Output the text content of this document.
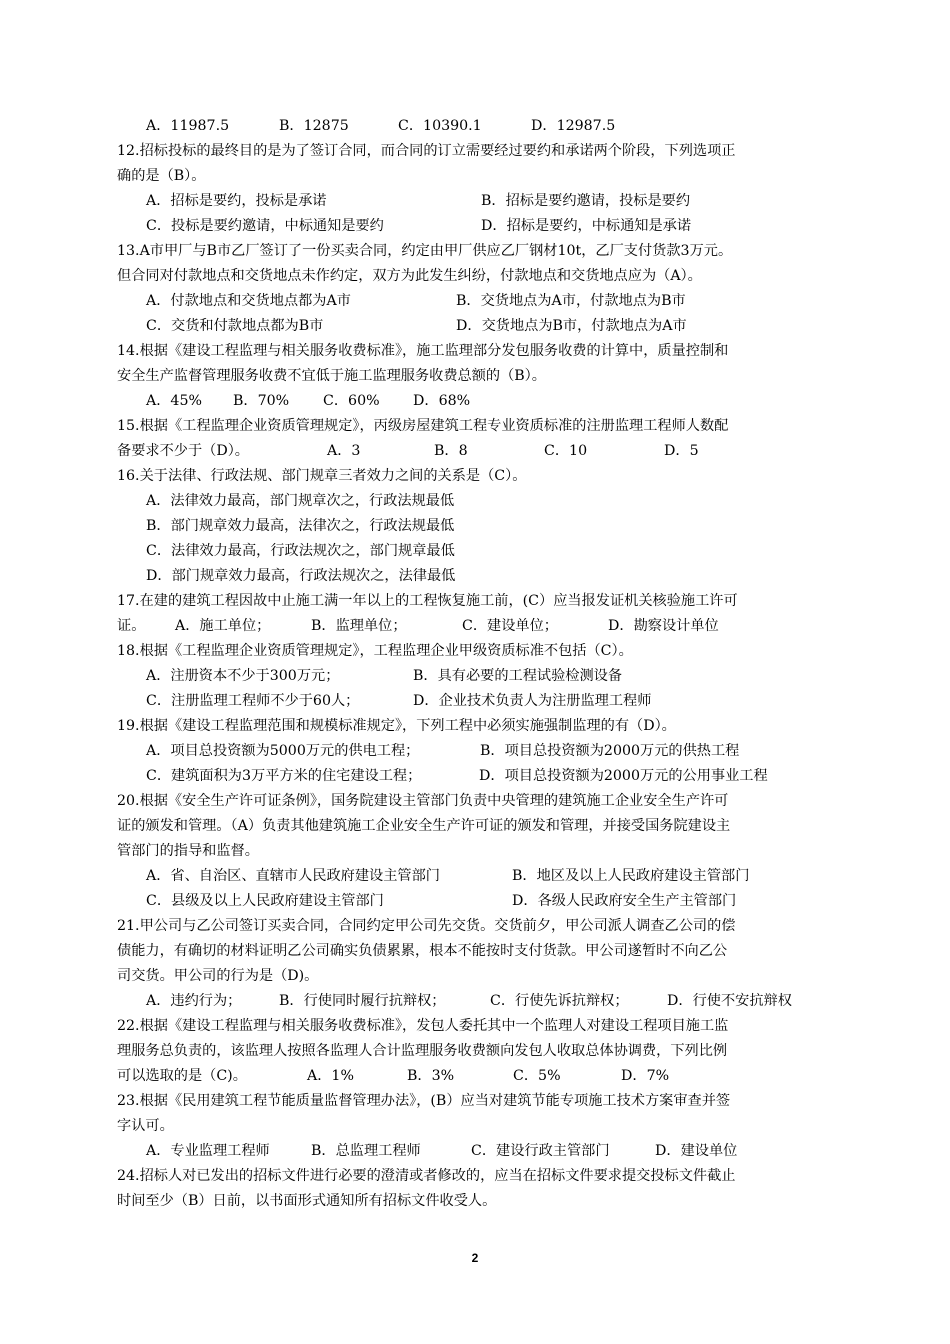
A．11987.5	B．12875	C．10390.1	D．12987.5
12.招标投标的最终目的是为了签订合同，而合同的订立需要经过要约和承诺两个阶段，下列选项正
确的是（B）。
A．招标是要约，投标是承诺	B．招标是要约邀请，投标是要约
C．投标是要约邀请，中标通知是要约	D．招标是要约，中标通知是承诺
13.A市甲厂与B市乙厂签订了一份买卖合同，约定由甲厂供应乙厂钢材10t，乙厂支付货款3万元。
但合同对付款地点和交货地点未作约定，双方为此发生纠纷，付款地点和交货地点应为（A）。
A．付款地点和交货地点都为A市	B．交货地点为A市，付款地点为B市
C．交货和付款地点都为B市	D．交货地点为B市，付款地点为A市
14.根据《建设工程监理与相关服务收费标准》，施工监理部分发包服务收费的计算中，质量控制和
安全生产监督管理服务收费不宜低于施工监理服务收费总额的（B）。
A．45% B．70% C．60% D．68%
15.根据《工程监理企业资质管理规定》，丙级房屋建筑工程专业资质标准的注册监理工程师人数配
备要求不少于（D）。	A．3	B．8	C．10	D．5
16.关于法律、行政法规、部门规章三者效力之间的关系是（C）。
A．法律效力最高，部门规章次之，行政法规最低
B．部门规章效力最高，法律次之，行政法规最低
C．法律效力最高，行政法规次之，部门规章最低
D．部门规章效力最高，行政法规次之，法律最低
17.在建的建筑工程因故中止施工满一年以上的工程恢复施工前，(C）应当报发证机关核验施工许可
证。 A．施工单位；	B．监理单位；	C．建设单位；	D．勘察设计单位
18.根据《工程监理企业资质管理规定》，工程监理企业甲级资质标准不包括（C）。
A．注册资本不少于300万元；	B．具有必要的工程试验检测设备
C．注册监理工程师不少于60人；	D．企业技术负责人为注册监理工程师
19.根据《建设工程监理范围和规模标准规定》，下列工程中必须实施强制监理的有（D）。
A．项目总投资额为5000万元的供电工程；	B．项目总投资额为2000万元的供热工程
C．建筑面积为3万平方米的住宅建设工程；	D．项目总投资额为2000万元的公用事业工程
20.根据《安全生产许可证条例》，国务院建设主管部门负责中央管理的建筑施工企业安全生产许可
证的颁发和管理。（A）负责其他建筑施工企业安全生产许可证的颁发和管理，并接受国务院建设主
管部门的指导和监督。
A．省、自治区、直辖市人民政府建设主管部门	B．地区及以上人民政府建设主管部门
C．县级及以上人民政府建设主管部门	D．各级人民政府安全生产主管部门
21.甲公司与乙公司签订买卖合同，合同约定甲公司先交货。交货前夕，甲公司派人调查乙公司的偿
债能力，有确切的材料证明乙公司确实负债累累，根本不能按时支付货款。甲公司遂暂时不向乙公
司交货。甲公司的行为是（D)。
A．违约行为；	B．行使同时履行抗辩权；	C．行使先诉抗辩权；	D．行使不安抗辩权
22.根据《建设工程监理与相关服务收费标准》，发包人委托其中一个监理人对建设工程项目施工监
理服务总负责的，该监理人按照各监理人合计监理服务收费额向发包人收取总体协调费，下列比例
可以选取的是（C)。	A．1%	B．3%	C．5%	D．7%
23.根据《民用建筑工程节能质量监督管理办法》，(B）应当对建筑节能专项施工技术方案审查并签
字认可。
A．专业监理工程师	B．总监理工程师	C．建设行政主管部门	D．建设单位
24.招标人对已发出的招标文件进行必要的澄清或者修改的，应当在招标文件要求提交投标文件截止
时间至少（B）日前，以书面形式通知所有招标文件收受人。
2
